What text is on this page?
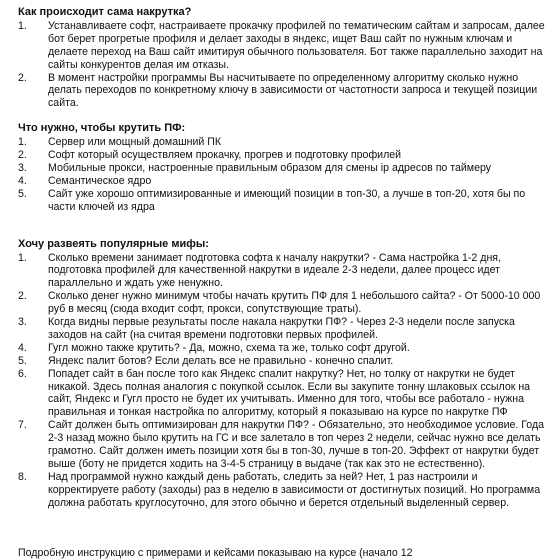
Как происходит сама накрутка?

1. Устанавливаете софт, настраиваете прокачку профилей по тематическим сайтам и запросам, далее бот берет прогретые профиля и делает заходы в яндекс, ищет Ваш сайт по нужным ключам и делаете переход на Ваш сайт имитируя обычного пользователя. Бот также параллельно заходит на сайты конкурентов делая им отказы.
2. В момент настройки программы Вы насчитываете по определенному алгоритму сколько нужно делать переходов по конкретному ключу в зависимости от частотности запроса и текущей позиции сайта.

Что нужно, чтобы крутить ПФ:

1. Сервер или мощный домашний ПК
2. Софт который осуществляем прокачку, прогрев и подготовку профилей
3. Мобильные прокси, настроенные правильным образом для смены ip адресов по таймеру
4. Семантическое ядро
5. Сайт уже хорошо оптимизированные и имеющий позиции в топ-30, а лучше в топ-20, хотя бы по части ключей из ядра

Хочу развеять популярные мифы:

1. Сколько времени занимает подготовка софта к началу накрутки? - Сама настройка 1-2 дня, подготовка профилей для качественной накрутки в идеале 2-3 недели, далее процесс идет параллельно и ждать уже ненужно.
2. Сколько денег нужно минимум чтобы начать крутить ПФ для 1 небольшого сайта? - От 5000-10 000 руб в месяц (сюда входит софт, прокси, сопутствующие траты).
3. Когда видны первые результаты после накала накрутки ПФ? - Через 2-3 недели после запуска заходов на сайт (на считая времени подготовки первых профилей.
4. Гугл можно также крутить? - Да, можно, схема та же, только софт другой.
5. Яндекс палит ботов? Если делать все не правильно - конечно спалит.
6. Попадет сайт в бан после того как Яндекс спалит накрутку? Нет, но толку от накрутки не будет никакой. Здесь полная аналогия с покупкой ссылок. Если вы закупите тонну шлаковых ссылок на сайт, Яндекс и Гугл просто не будет их учитывать. Именно для того, чтобы все работало - нужна правильная и тонкая настройка по алгоритму, который я показываю на курсе по накрутке ПФ
7. Сайт должен быть оптимизирован для накрутки ПФ? - Обязательно, это необходимое условие. Года 2-3 назад можно было крутить на ГС и все залетало в топ через 2 недели, сейчас нужно все делать грамотно. Сайт должен иметь позиции хотя бы в топ-30, лучше в топ-20. Эффект от накрутки будет выше (боту не придется ходить на 3-4-5 страницу в выдаче (так как это не естественно).
8. Над программой нужно каждый день работать, следить за ней? Нет, 1 раз настроили и корректируете работу (заходы) раз в неделю в зависимости от достигнутых позиций. Но программа должна работать круглосуточно, для этого обычно и берется отдельный выделенный сервер.
Подробную инструкцию с примерами и кейсами показываю на курсе (начало 12
